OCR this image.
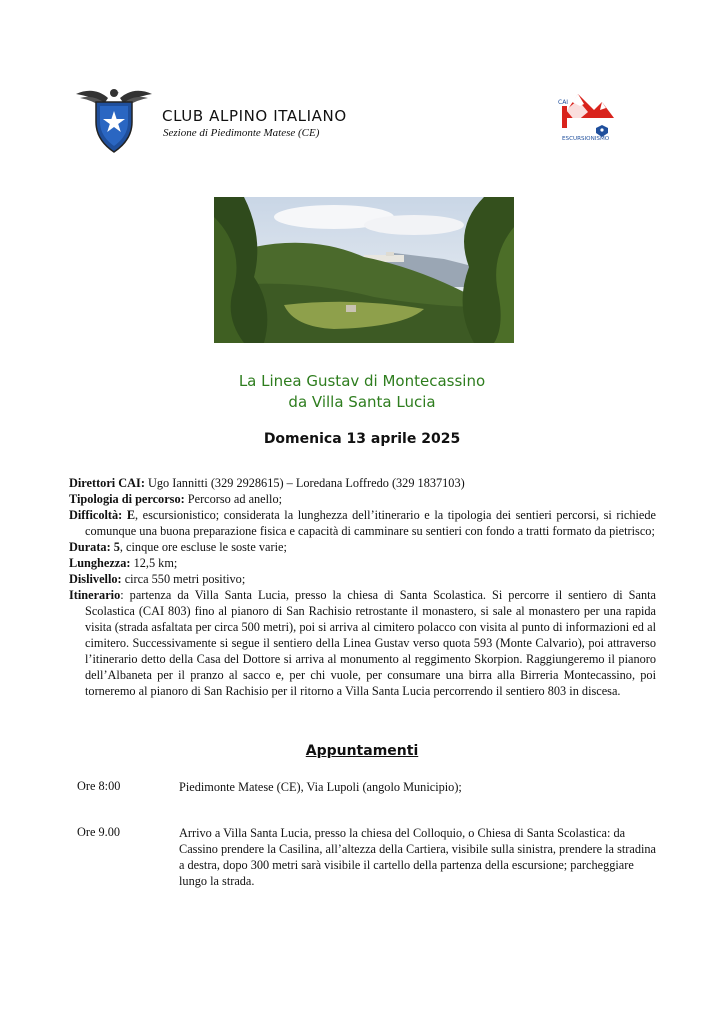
CLUB ALPINO ITALIANO
Sezione di Piedimonte Matese (CE)
CAI
ESCURSIONISMO
La Linea Gustav di Montecassino
da Villa Santa Lucia
Domenica 13 aprile 2025

Direttori CAI: Ugo Iannitti (329 2928615) – Loredana Loffredo (329 1837103)

Tipologia di percorso: Percorso ad anello;

Difficoltà: E, escursionistico; considerata la lunghezza dell’itinerario e la tipologia dei sentieri percorsi, si richiede comunque una buona preparazione fisica e capacità di camminare su sentieri con fondo a tratti formato da pietrisco;

Durata: 5, cinque ore escluse le soste varie;

Lunghezza: 12,5 km;

Dislivello: circa 550 metri positivo;

Itinerario: partenza da Villa Santa Lucia, presso la chiesa di Santa Scolastica. Si percorre il sentiero di Santa Scolastica (CAI 803) fino al pianoro di San Rachisio retrostante il monastero, si sale al monastero per una rapida visita (strada asfaltata per circa 500 metri), poi si arriva al cimitero polacco con visita al punto di informazioni ed al cimitero. Successivamente si segue il sentiero della Linea Gustav verso quota 593 (Monte Calvario), poi attraverso l’itinerario detto della Casa del Dottore si arriva al monumento al reggimento Skorpion. Raggiungeremo il pianoro dell’Albaneta per il pranzo al sacco e, per chi vuole, per consumare una birra alla Birreria Montecassino, poi torneremo al pianoro di San Rachisio per il ritorno a Villa Santa Lucia percorrendo il sentiero 803 in discesa.

Appuntamenti
Ore 8:00	Piedimonte Matese (CE), Via Lupoli (angolo Municipio);
Ore 9.00	Arrivo a Villa Santa Lucia, presso la chiesa del Colloquio, o Chiesa di Santa Scolastica: da Cassino prendere la Casilina, all’altezza della Cartiera, visibile sulla sinistra, prendere la stradina a destra, dopo 300 metri sarà visibile il cartello della partenza della escursione; parcheggiare lungo la strada.
